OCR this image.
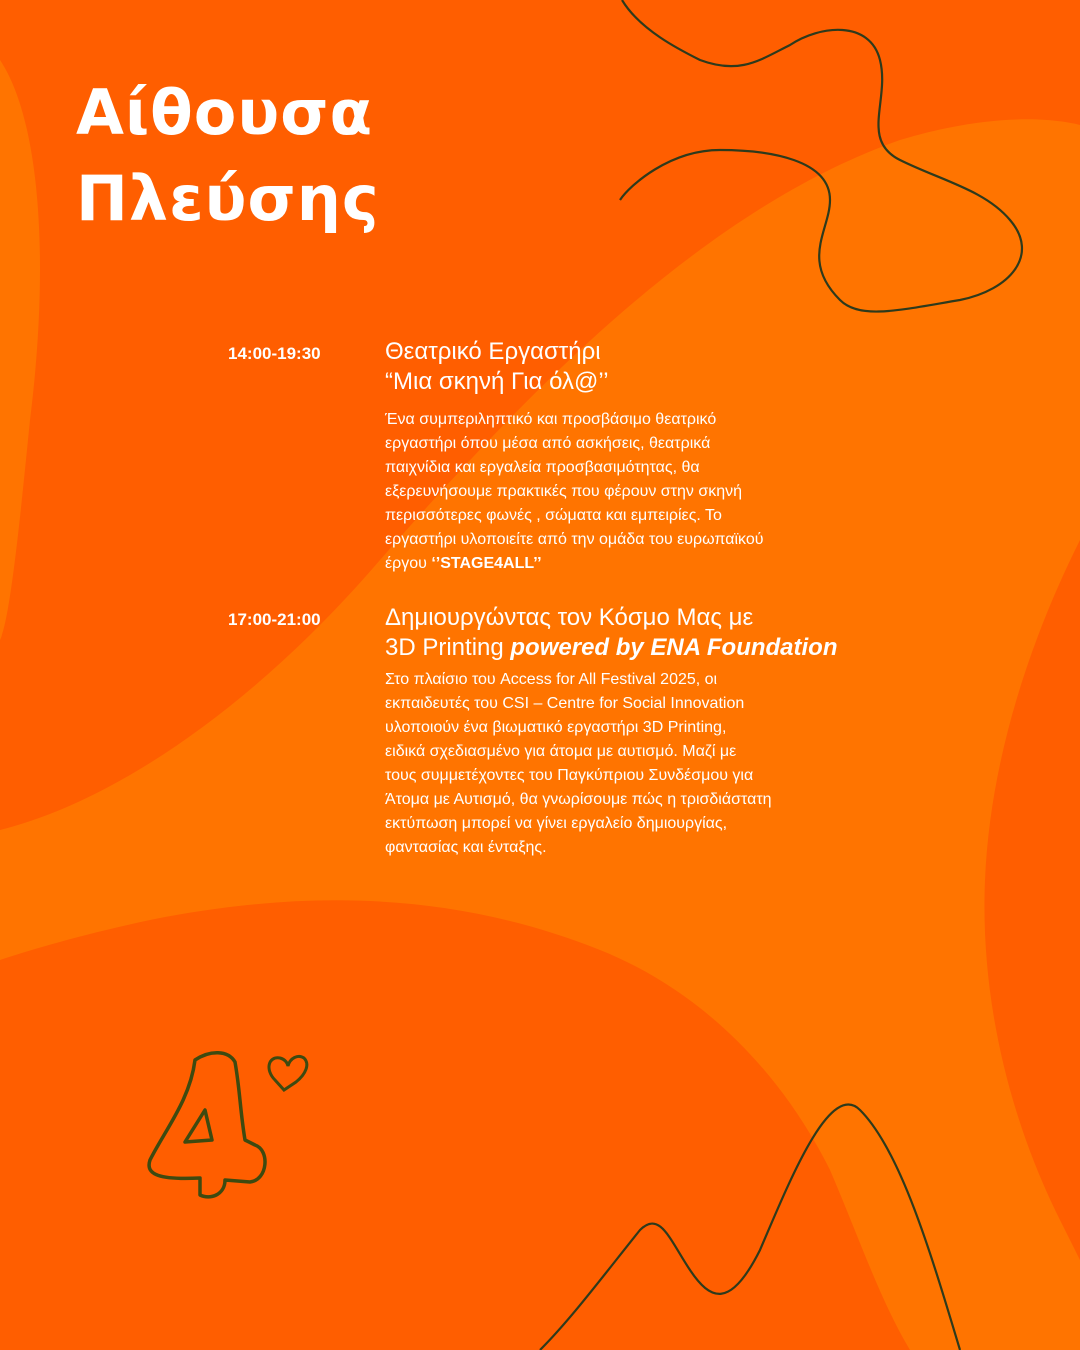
Αίθουσα
Πλεύσης
14:00-19:30	Θεατρικό Εργαστήρι
“Μια σκηνή Για όλ@’’
Ένα συμπεριληπτικό και προσβάσιμο θεατρικό
εργαστήρι όπου μέσα από ασκήσεις, θεατρικά
παιχνίδια και εργαλεία προσβασιμότητας, θα
εξερευνήσουμε πρακτικές που φέρουν στην σκηνή
περισσότερες φωνές , σώματα και εμπειρίες. Το
εργαστήρι υλοποιείτε από την ομάδα του ευρωπαϊκού
έργου ‘’STAGE4ALL’’
17:00-21:00	Δημιουργώντας τον Κόσμο Μας με
3D Printing powered by ENA Foundation
Στο πλαίσιο του Access for All Festival 2025, οι
εκπαιδευτές του CSI – Centre for Social Innovation
υλοποιούν ένα βιωματικό εργαστήρι 3D Printing,
ειδικά σχεδιασμένο για άτομα με αυτισμό. Μαζί με
τους συμμετέχοντες του Παγκύπριου Συνδέσμου για
Άτομα με Αυτισμό, θα γνωρίσουμε πώς η τρισδιάστατη
εκτύπωση μπορεί να γίνει εργαλείο δημιουργίας,
φαντασίας και ένταξης.
